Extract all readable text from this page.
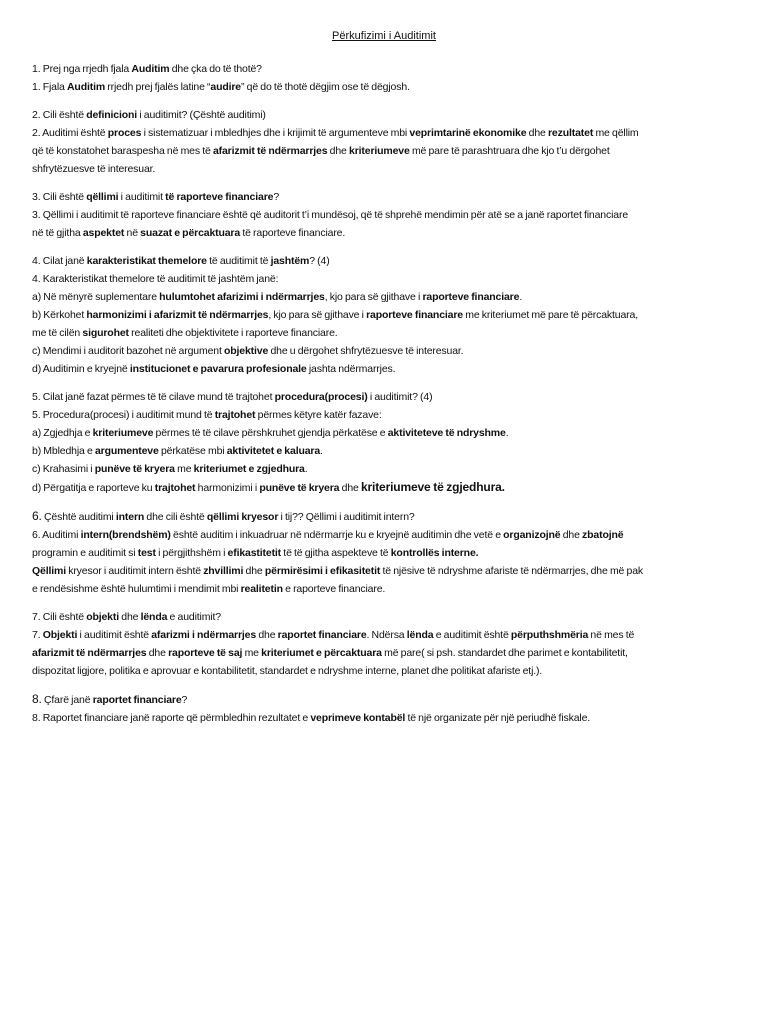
Përkufizimi i Auditimit
1. Prej nga rrjedh fjala Auditim dhe çka do të thotë?
1. Fjala Auditim rrjedh prej fjalës latine “audire” që do të thotë dëgjim ose të dëgjosh.
2. Cili është definicioni i auditimit? (Çështë auditimi)
2. Auditimi është proces i sistematizuar i mbledhjes dhe i krijimit të argumenteve mbi veprimtarinë ekonomike dhe rezultatet me qëllim
që të konstatohet baraspesha në mes të afarizmit të ndërmarrjes dhe kriteriumeve më pare të parashtruara dhe kjo t’u dërgohet
shfrytëzuesve të interesuar.
3. Cili është qëllimi i auditimit të raporteve financiare?
3. Qëllimi i auditimit të raporteve financiare është që auditorit t’i mundësoj, që të shprehë mendimin për atë se a janë raportet financiare
në të gjitha aspektet në suazat e përcaktuara të raporteve financiare.
4. Cilat janë karakteristikat themelore të auditimit të jashtëm? (4)
4. Karakteristikat themelore të auditimit të jashtëm janë:
a) Në mënyrë suplementare hulumtohet afarizimi i ndërmarrjes, kjo para së gjithave i raporteve financiare.
b) Kërkohet harmonizimi i afarizmit të ndërmarrjes, kjo para së gjithave i raporteve financiare me kriteriumet më pare të përcaktuara,
me të cilën sigurohet realiteti dhe objektivitete i raporteve financiare.
c) Mendimi i auditorit bazohet në argument objektive dhe u dërgohet shfrytëzuesve të interesuar.
d) Auditimin e kryejnë institucionet e pavarura profesionale jashta ndërmarrjes.
5. Cilat janë fazat përmes të të cilave mund të trajtohet procedura(procesi) i auditimit? (4)
5. Procedura(procesi) i auditimit mund të trajtohet përmes këtyre katër fazave:
a) Zgjedhja e kriteriumeve përmes të të cilave përshkruhet gjendja përkatëse e aktiviteteve të ndryshme.
b) Mbledhja e argumenteve përkatëse mbi aktivitetet e kaluara.
c) Krahasimi i punëve të kryera me kriteriumet e zgjedhura.
d) Përgatitja e raporteve ku trajtohet harmonizimi i punëve të kryera dhe kriteriumeve të zgjedhura.
6. Çështë auditimi intern dhe cili është qëllimi kryesor i tij?? Qëllimi i auditimit intern?
6. Auditimi intern(brendshëm) është auditim i inkuadruar në ndërmarrje ku e kryejnë auditimin dhe vetë e organizojnë dhe zbatojnë
programin e auditimit si test i përgjithshëm i efikastitetit të të gjitha aspekteve të kontrollës interne.
Qëllimi kryesor i auditimit intern është zhvillimi dhe përmirësimi i efikasitetit të njësive të ndryshme afariste të ndërmarrjes, dhe më pak
e rendësishme është hulumtimi i mendimit mbi realitetin e raporteve financiare.
7. Cili është objekti dhe lënda e auditimit?
7. Objekti i auditimit është afarizmi i ndërmarrjes dhe raportet financiare. Ndërsa lënda e auditimit është përputhshmëria në mes të
afarizmit të ndërmarrjes dhe raporteve të saj me kriteriumet e përcaktuara më pare( si psh. standardet dhe parimet e kontabilitetit,
dispozitat ligjore, politika e aprovuar e kontabilitetit, standardet e ndryshme interne, planet dhe politikat afariste etj.).
8. Çfarë janë raportet financiare?
8. Raportet financiare janë raporte që përmbledhin rezultatet e veprimeve kontabël të një organizate për një periudhë fiskale.
